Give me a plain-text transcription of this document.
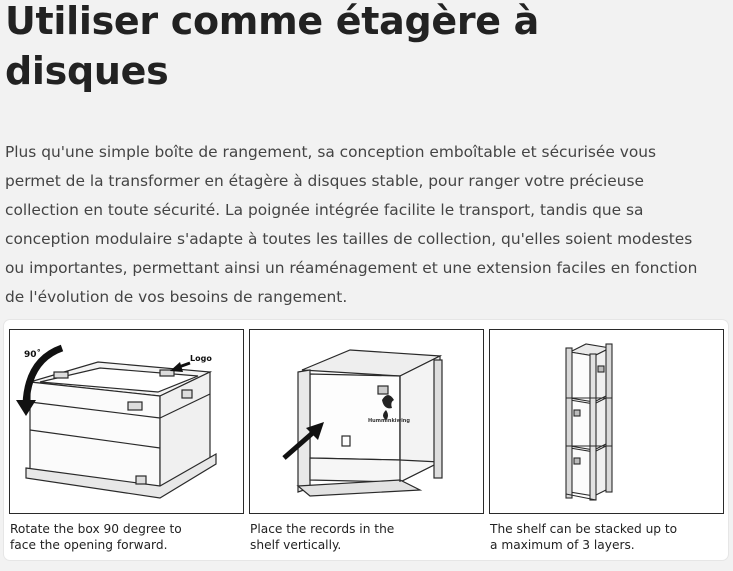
Utiliser comme étagère à
disques

Plus qu'une simple boîte de rangement, sa conception emboîtable et sécurisée vous
permet de la transformer en étagère à disques stable, pour ranger votre précieuse
collection en toute sécurité. La poignée intégrée facilite le transport, tandis que sa
conception modulaire s'adapte à toutes les tailles de collection, qu'elles soient modestes
ou importantes, permettant ainsi un réaménagement et une extension faciles en fonction
de l'évolution de vos besoins de rangement.

90˚	Logo
Humminkiwing
Rotate the box 90 degree to
face the opening forward.
Place the records in the
shelf vertically.
The shelf can be stacked up to
a maximum of 3 layers.
